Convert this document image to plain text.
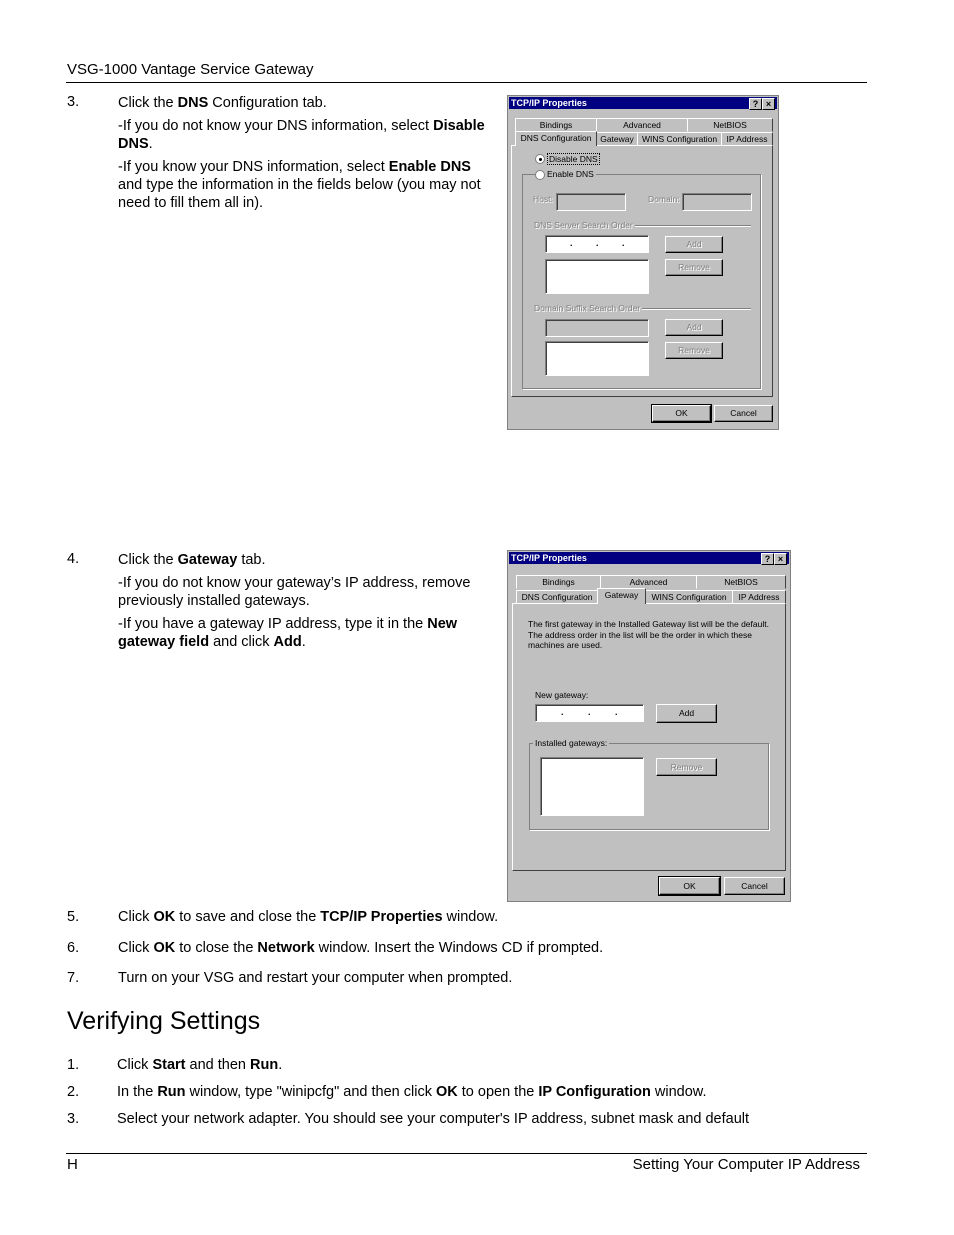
VSG-1000 Vantage Service Gateway
3.	Click the DNS Configuration tab.

-If you do not know your DNS information, select Disable DNS.

-If you know your DNS information, select Enable DNS and type the information in the fields below (you may not need to fill them all in).

TCP/IP Properties	? ×
Bindings	Advanced	NetBIOS
DNS Configuration	Gateway WINS Configuration	IP Address
Disable DNS
Enable DNS
Host:	Domain:
DNS Server Search Order
.	.	.	Add
Remove
Domain Suffix Search Order
Add
Remove
OK	Cancel
4.	Click the Gateway tab.

-If you do not know your gateway’s IP address, remove previously installed gateways.

-If you have a gateway IP address, type it in the New gateway field and click Add.

TCP/IP Properties	? ×
Bindings	Advanced	NetBIOS
DNS Configuration	Gateway	WINS Configuration	IP Address
The first gateway in the Installed Gateway list will be the default. The address order in the list will be the order in which these machines are used.
New gateway:
.	.	.	Add
Installed gateways:
Remove
OK	Cancel
5.	Click OK to save and close the TCP/IP Properties window.
6.	Click OK to close the Network window. Insert the Windows CD if prompted.
7.	Turn on your VSG and restart your computer when prompted.
Verifying Settings
1.	Click Start and then Run.
2.	In the Run window, type "winipcfg" and then click OK to open the IP Configuration window.
3.	Select your network adapter. You should see your computer's IP address, subnet mask and default
H	Setting Your Computer IP Address
